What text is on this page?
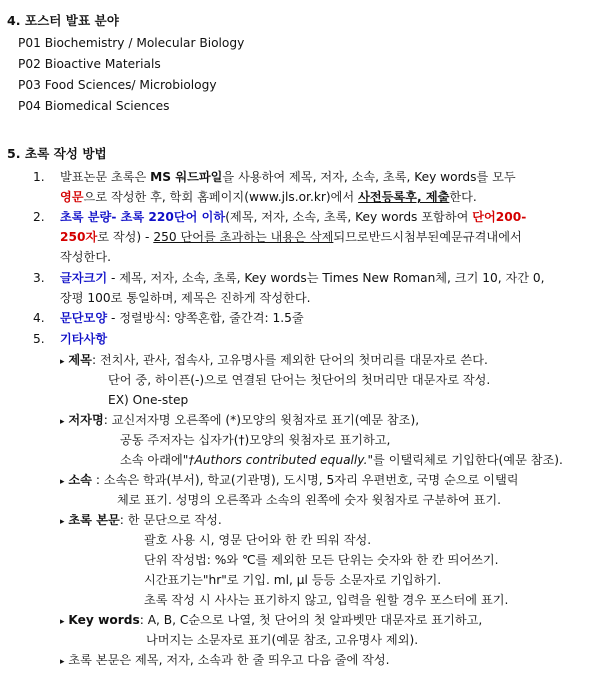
4. 포스터 발표 분야
P01 Biochemistry / Molecular Biology
P02 Bioactive Materials
P03 Food Sciences/ Microbiology
P04 Biomedical Sciences
5. 초록 작성 방법
1. 발표논문 초록은 MS 워드파일을 사용하여 제목, 저자, 소속, 초록, Key words를 모두
영문으로 작성한 후, 학회 홈페이지(www.jls.or.kr)에서 사전등록후, 제출한다.
2. 초록 분량- 초록 220단어 이하(제목, 저자, 소속, 초록, Key words 포함하여 단어200-
250자로 작성) - 250 단어를 초과하는 내용은 삭제되므로반드시첨부된예문규격내에서
작성한다.
3. 글자크기 - 제목, 저자, 소속, 초록, Key words는 Times New Roman체, 크기 10, 자간 0,
장평 100로 통일하며, 제목은 진하게 작성한다.
4. 문단모양 - 정렬방식: 양쪽혼합, 줄간격: 1.5줄
5. 기타사항
▸ 제목: 전치사, 관사, 접속사, 고유명사를 제외한 단어의 첫머리를 대문자로 쓴다.
단어 중, 하이픈(-)으로 연결된 단어는 첫단어의 첫머리만 대문자로 작성.
EX) One-step
▸ 저자명: 교신저자명 오른쪽에 (*)모양의 윗첨자로 표기(예문 참조),
공동 주저자는 십자가(†)모양의 윗첨자로 표기하고,
소속 아래에"†Authors contributed equally."를 이탤릭체로 기입한다(예문 참조).
▸ 소속 : 소속은 학과(부서), 학교(기관명), 도시명, 5자리 우편번호, 국명 순으로 이탤릭
체로 표기. 성명의 오른쪽과 소속의 왼쪽에 숫자 윗첨자로 구분하여 표기.
▸ 초록 본문: 한 문단으로 작성.
괄호 사용 시, 영문 단어와 한 칸 띄워 작성.
단위 작성법: %와 ℃를 제외한 모든 단위는 숫자와 한 칸 띄어쓰기.
시간표기는"hr"로 기입. ml, μl 등등 소문자로 기입하기.
초록 작성 시 사사는 표기하지 않고, 입력을 원할 경우 포스터에 표기.
▸ Key words: A, B, C순으로 나열, 첫 단어의 첫 알파벳만 대문자로 표기하고,
나머지는 소문자로 표기(예문 참조, 고유명사 제외).
▸ 초록 본문은 제목, 저자, 소속과 한 줄 띄우고 다음 줄에 작성.
